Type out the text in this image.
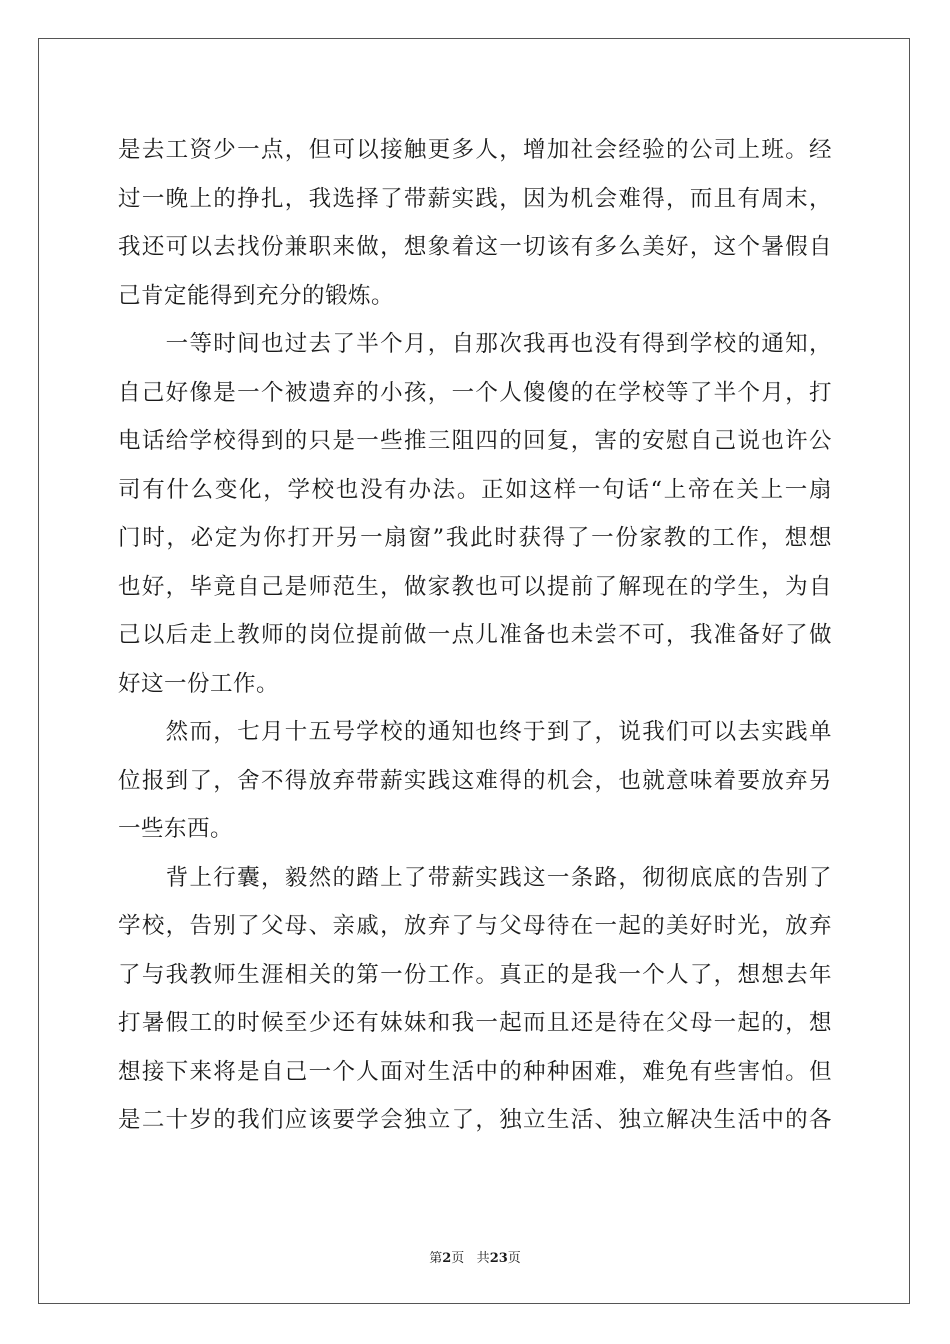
是去工资少一点，但可以接触更多人，增加社会经验的公司上班。经
过一晚上的挣扎，我选择了带薪实践，因为机会难得，而且有周末，
我还可以去找份兼职来做，想象着这一切该有多么美好，这个暑假自
己肯定能得到充分的锻炼。
　　一等时间也过去了半个月，自那次我再也没有得到学校的通知，
自己好像是一个被遗弃的小孩，一个人傻傻的在学校等了半个月，打
电话给学校得到的只是一些推三阻四的回复，害的安慰自己说也许公
司有什么变化，学校也没有办法。正如这样一句话“上帝在关上一扇
门时，必定为你打开另一扇窗”我此时获得了一份家教的工作，想想
也好，毕竟自己是师范生，做家教也可以提前了解现在的学生，为自
己以后走上教师的岗位提前做一点儿准备也未尝不可，我准备好了做
好这一份工作。
　　然而，七月十五号学校的通知也终于到了，说我们可以去实践单
位报到了，舍不得放弃带薪实践这难得的机会，也就意味着要放弃另
一些东西。
　　背上行囊，毅然的踏上了带薪实践这一条路，彻彻底底的告别了
学校，告别了父母、亲戚，放弃了与父母待在一起的美好时光，放弃
了与我教师生涯相关的第一份工作。真正的是我一个人了，想想去年
打暑假工的时候至少还有妹妹和我一起而且还是待在父母一起的，想
想接下来将是自己一个人面对生活中的种种困难，难免有些害怕。但
是二十岁的我们应该要学会独立了，独立生活、独立解决生活中的各
第2页 共23页
